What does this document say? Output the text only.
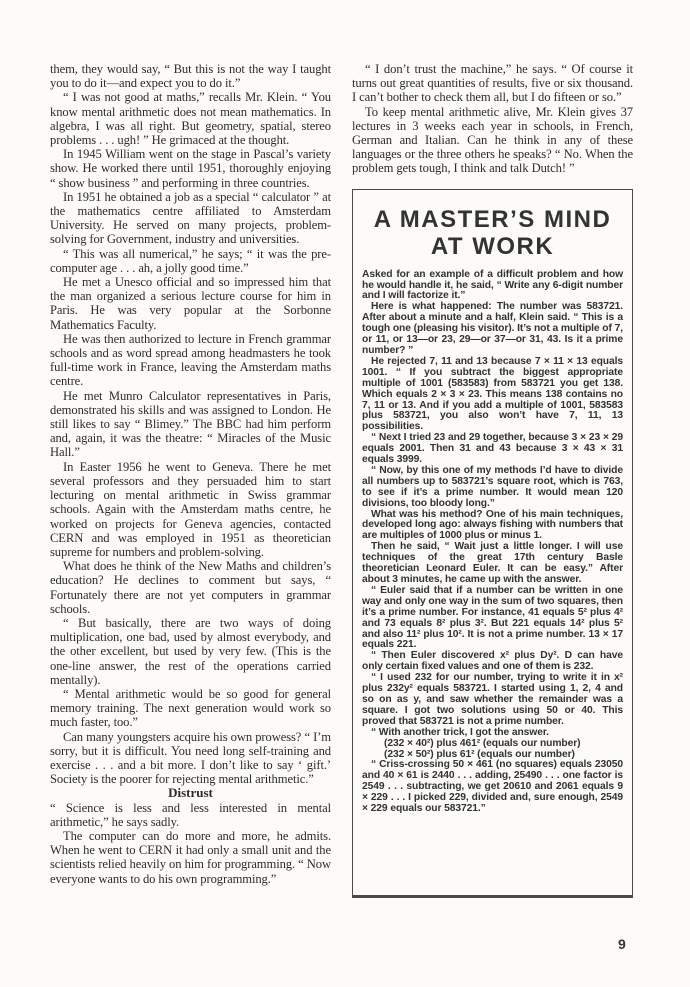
them, they would say, “ But this is not the way I taught you to do it—and expect you to do it.”

“ I was not good at maths,” recalls Mr. Klein. “ You know mental arithmetic does not mean mathematics. In algebra, I was all right. But geometry, spatial, stereo problems . . . ugh! ” He grimaced at the thought.

In 1945 William went on the stage in Pascal’s variety show. He worked there until 1951, thoroughly enjoying “ show business ” and performing in three countries.

In 1951 he obtained a job as a special “ calculator ” at the mathematics centre affiliated to Amsterdam University. He served on many projects, problem-solving for Government, industry and universities.

“ This was all numerical,” he says; “ it was the pre-computer age . . . ah, a jolly good time.”

He met a Unesco official and so impressed him that the man organized a serious lecture course for him in Paris. He was very popular at the Sorbonne Mathematics Faculty.

He was then authorized to lecture in French grammar schools and as word spread among headmasters he took full-time work in France, leaving the Amsterdam maths centre.

He met Munro Calculator representatives in Paris, demonstrated his skills and was assigned to London. He still likes to say “ Blimey.” The BBC had him perform and, again, it was the theatre: “ Miracles of the Music Hall.”

In Easter 1956 he went to Geneva. There he met several professors and they persuaded him to start lecturing on mental arithmetic in Swiss grammar schools. Again with the Amsterdam maths centre, he worked on projects for Geneva agencies, contacted CERN and was employed in 1951 as theoretician supreme for numbers and problem-solving.

What does he think of the New Maths and children’s education? He declines to comment but says, “ Fortunately there are not yet computers in grammar schools.

“ But basically, there are two ways of doing multiplication, one bad, used by almost everybody, and the other excellent, but used by very few. (This is the one-line answer, the rest of the operations carried mentally).

“ Mental arithmetic would be so good for general memory training. The next generation would work so much faster, too.”

Can many youngsters acquire his own prowess? “ I’m sorry, but it is difficult. You need long self-training and exercise . . . and a bit more. I don’t like to say ‘ gift.’ Society is the poorer for rejecting mental arithmetic.”

Distrust

“ Science is less and less interested in mental arithmetic,” he says sadly.

The computer can do more and more, he admits. When he went to CERN it had only a small unit and the scientists relied heavily on him for programming. “ Now everyone wants to do his own programming.”

“ I don’t trust the machine,” he says. “ Of course it turns out great quantities of results, five or six thousand. I can’t bother to check them all, but I do fifteen or so.”

To keep mental arithmetic alive, Mr. Klein gives 37 lectures in 3 weeks each year in schools, in French, German and Italian. Can he think in any of these languages or the three others he speaks? “ No. When the problem gets tough, I think and talk Dutch! ”

A MASTER’S MIND
AT WORK

Asked for an example of a difficult problem and how he would handle it, he said, “ Write any 6-digit number and I will factorize it.”

Here is what happened: The number was 583721. After about a minute and a half, Klein said. “ This is a tough one (pleasing his visitor). It’s not a multiple of 7, or 11, or 13—or 23, 29—or 37—or 31, 43. Is it a prime number? ”

He rejected 7, 11 and 13 because 7 × 11 × 13 equals 1001. “ If you subtract the biggest appropriate multiple of 1001 (583583) from 583721 you get 138. Which equals 2 × 3 × 23. This means 138 contains no 7, 11 or 13. And if you add a multiple of 1001, 583583 plus 583721, you also won’t have 7, 11, 13 possibilities.

“ Next I tried 23 and 29 together, because 3 × 23 × 29 equals 2001. Then 31 and 43 because 3 × 43 × 31 equals 3999.

“ Now, by this one of my methods I’d have to divide all numbers up to 583721’s square root, which is 763, to see if it’s a prime number. It would mean 120 divisions, too bloody long.”

What was his method? One of his main techniques, developed long ago: always fishing with numbers that are multiples of 1000 plus or minus 1.

Then he said, “ Wait just a little longer. I will use techniques of the great 17th century Basle theoretician Leonard Euler. It can be easy.” After about 3 minutes, he came up with the answer.

“ Euler said that if a number can be written in one way and only one way in the sum of two squares, then it’s a prime number. For instance, 41 equals 5² plus 4² and 73 equals 8² plus 3². But 221 equals 14² plus 5² and also 11² plus 10². It is not a prime number. 13 × 17 equals 221.

“ Then Euler discovered x² plus Dy². D can have only certain fixed values and one of them is 232.

“ I used 232 for our number, trying to write it in x² plus 232y² equals 583721. I started using 1, 2, 4 and so on as y, and saw whether the remainder was a square. I got two solutions using 50 or 40. This proved that 583721 is not a prime number.

“ With another trick, I got the answer.

(232 × 40²) plus 461² (equals our number)

(232 × 50²) plus 61² (equals our number)

“ Criss-crossing 50 × 461 (no squares) equals 23050 and 40 × 61 is 2440 . . . adding, 25490 . . . one factor is 2549 . . . subtracting, we get 20610 and 2061 equals 9 × 229 . . . I picked 229, divided and, sure enough, 2549 × 229 equals our 583721.”

9
